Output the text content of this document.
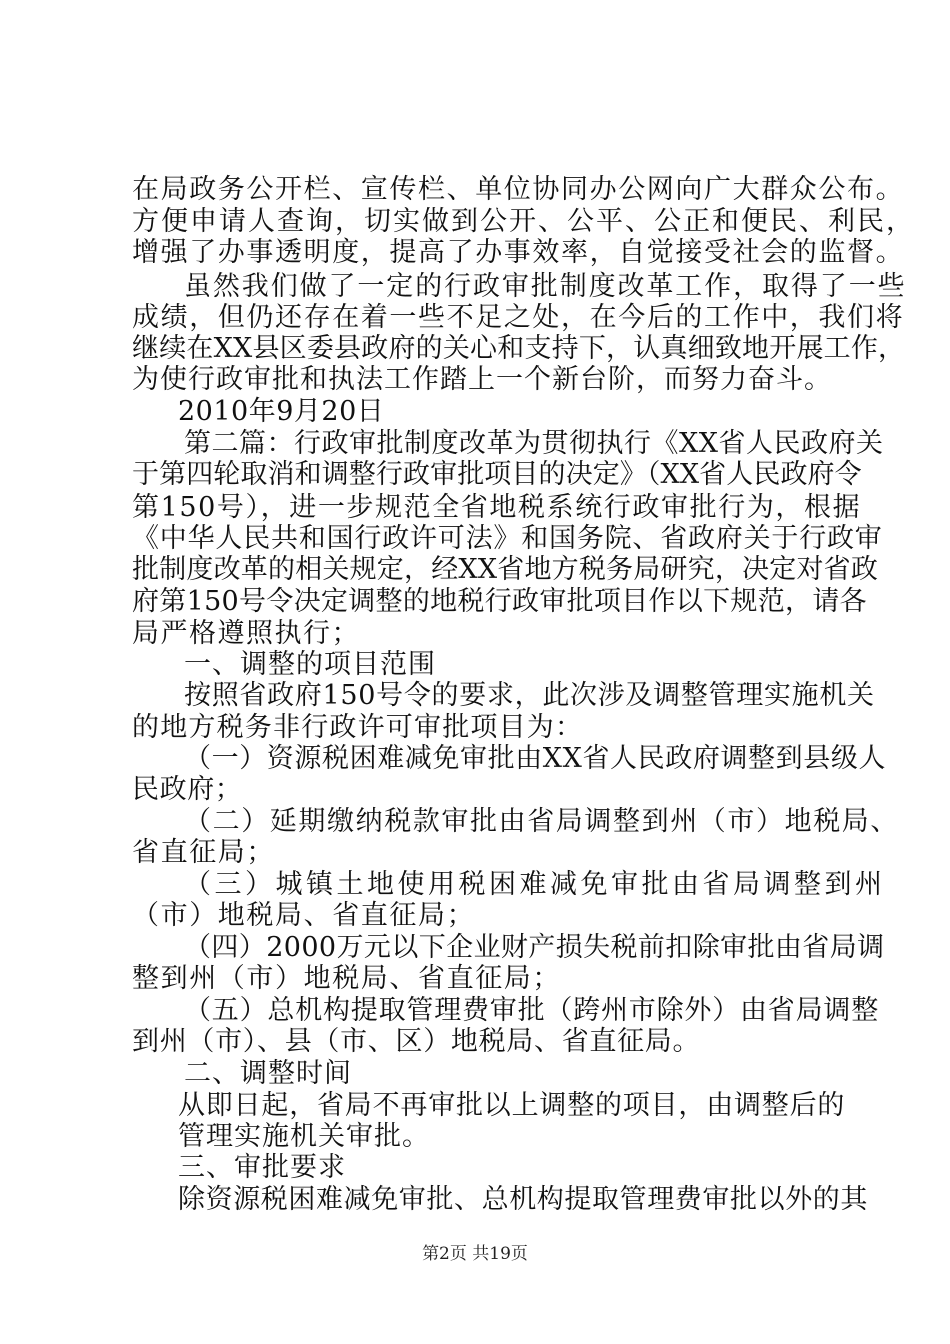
在局政务公开栏、宣传栏、单位协同办公网向广大群众公布。
方便申请人查询，切实做到公开、公平、公正和便民、利民，
增强了办事透明度，提高了办事效率，自觉接受社会的监督。
虽然我们做了一定的行政审批制度改革工作，取得了一些
成绩，但仍还存在着一些不足之处，在今后的工作中，我们将
继续在XX县区委县政府的关心和支持下，认真细致地开展工作，
为使行政审批和执法工作踏上一个新台阶，而努力奋斗。
2010年9月20日
第二篇：行政审批制度改革为贯彻执行《XX省人民政府关
于第四轮取消和调整行政审批项目的决定》（XX省人民政府令
第150号），进一步规范全省地税系统行政审批行为，根据
《中华人民共和国行政许可法》和国务院、省政府关于行政审
批制度改革的相关规定，经XX省地方税务局研究，决定对省政
府第150号令决定调整的地税行政审批项目作以下规范，请各
局严格遵照执行；
一、调整的项目范围
按照省政府150号令的要求，此次涉及调整管理实施机关
的地方税务非行政许可审批项目为：
（一）资源税困难减免审批由XX省人民政府调整到县级人
民政府；
（二）延期缴纳税款审批由省局调整到州（市）地税局、
省直征局；
（三）城镇土地使用税困难减免审批由省局调整到州
（市）地税局、省直征局；
（四）2000万元以下企业财产损失税前扣除审批由省局调
整到州（市）地税局、省直征局；
（五）总机构提取管理费审批（跨州市除外）由省局调整
到州（市）、县（市、区）地税局、省直征局。
二、调整时间
从即日起，省局不再审批以上调整的项目，由调整后的
管理实施机关审批。
三、审批要求
除资源税困难减免审批、总机构提取管理费审批以外的其
第2页 共19页
